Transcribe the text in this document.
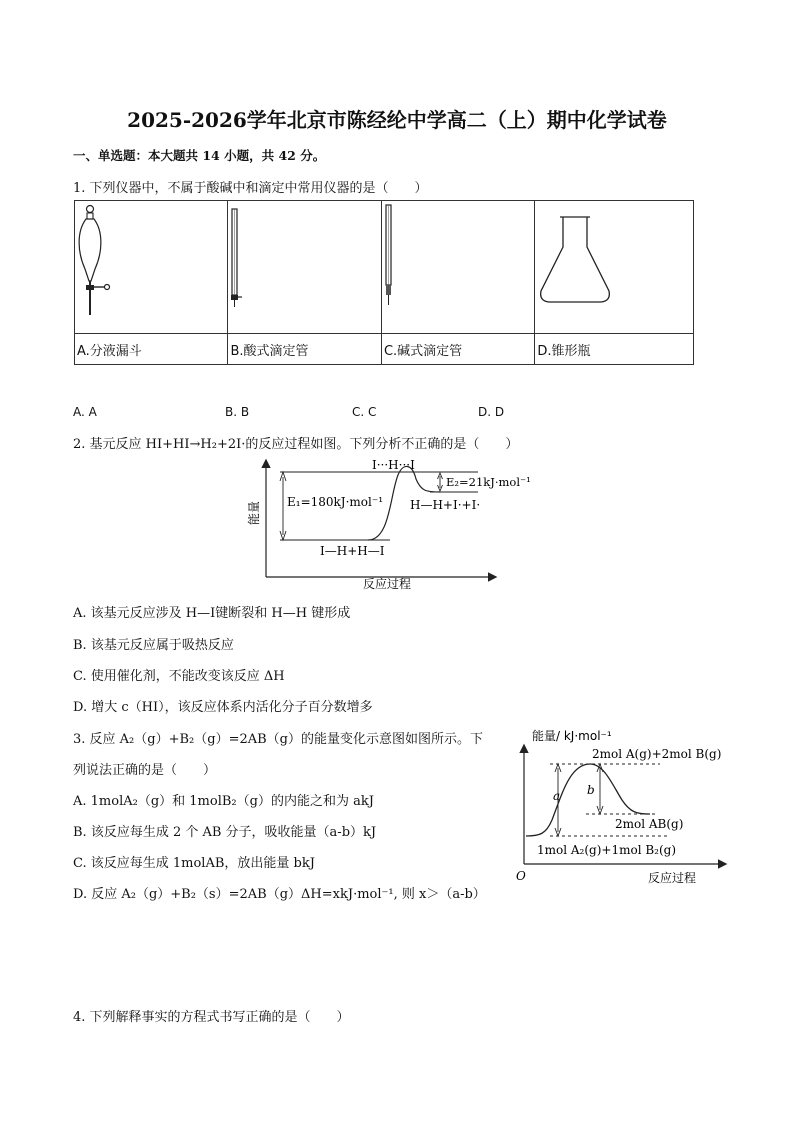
2025-2026学年北京市陈经纶中学高二（上）期中化学试卷
一、单选题：本大题共 14 小题，共 42 分。
1. 下列仪器中，不属于酸碱中和滴定中常用仪器的是（　　）

A.分液漏斗	B.酸式滴定管	C.碱式滴定管	D.锥形瓶
A. A	B. B	C. C	D. D
2. 基元反应 HI+HI→H₂+2I·的反应过程如图。下列分析不正确的是（　　）
I···H···I
E₁=180kJ·mol⁻¹
E₂=21kJ·mol⁻¹
H—H+I·+I·
I—H+H—I
能量
反应过程
A. 该基元反应涉及 H—I键断裂和 H—H 键形成
B. 该基元反应属于吸热反应
C. 使用催化剂，不能改变该反应 ΔH
D. 增大 c（HI），该反应体系内活化分子百分数增多
3. 反应 A₂（g）+B₂（g）=2AB（g）的能量变化示意图如图所示。下
列说法正确的是（　　）
A. 1molA₂（g）和 1molB₂（g）的内能之和为 akJ
B. 该反应每生成 2 个 AB 分子，吸收能量（a-b）kJ
C. 该反应每生成 1molAB，放出能量 bkJ
D. 反应 A₂（g）+B₂（s）=2AB（g）ΔH=xkJ·mol⁻¹, 则 x＞（a-b）
能量/ kJ·mol⁻¹
2mol A(g)+2mol B(g)
2mol AB(g)
1mol A₂(g)+1mol B₂(g)
a b
O	反应过程
4. 下列解释事实的方程式书写正确的是（　　）
